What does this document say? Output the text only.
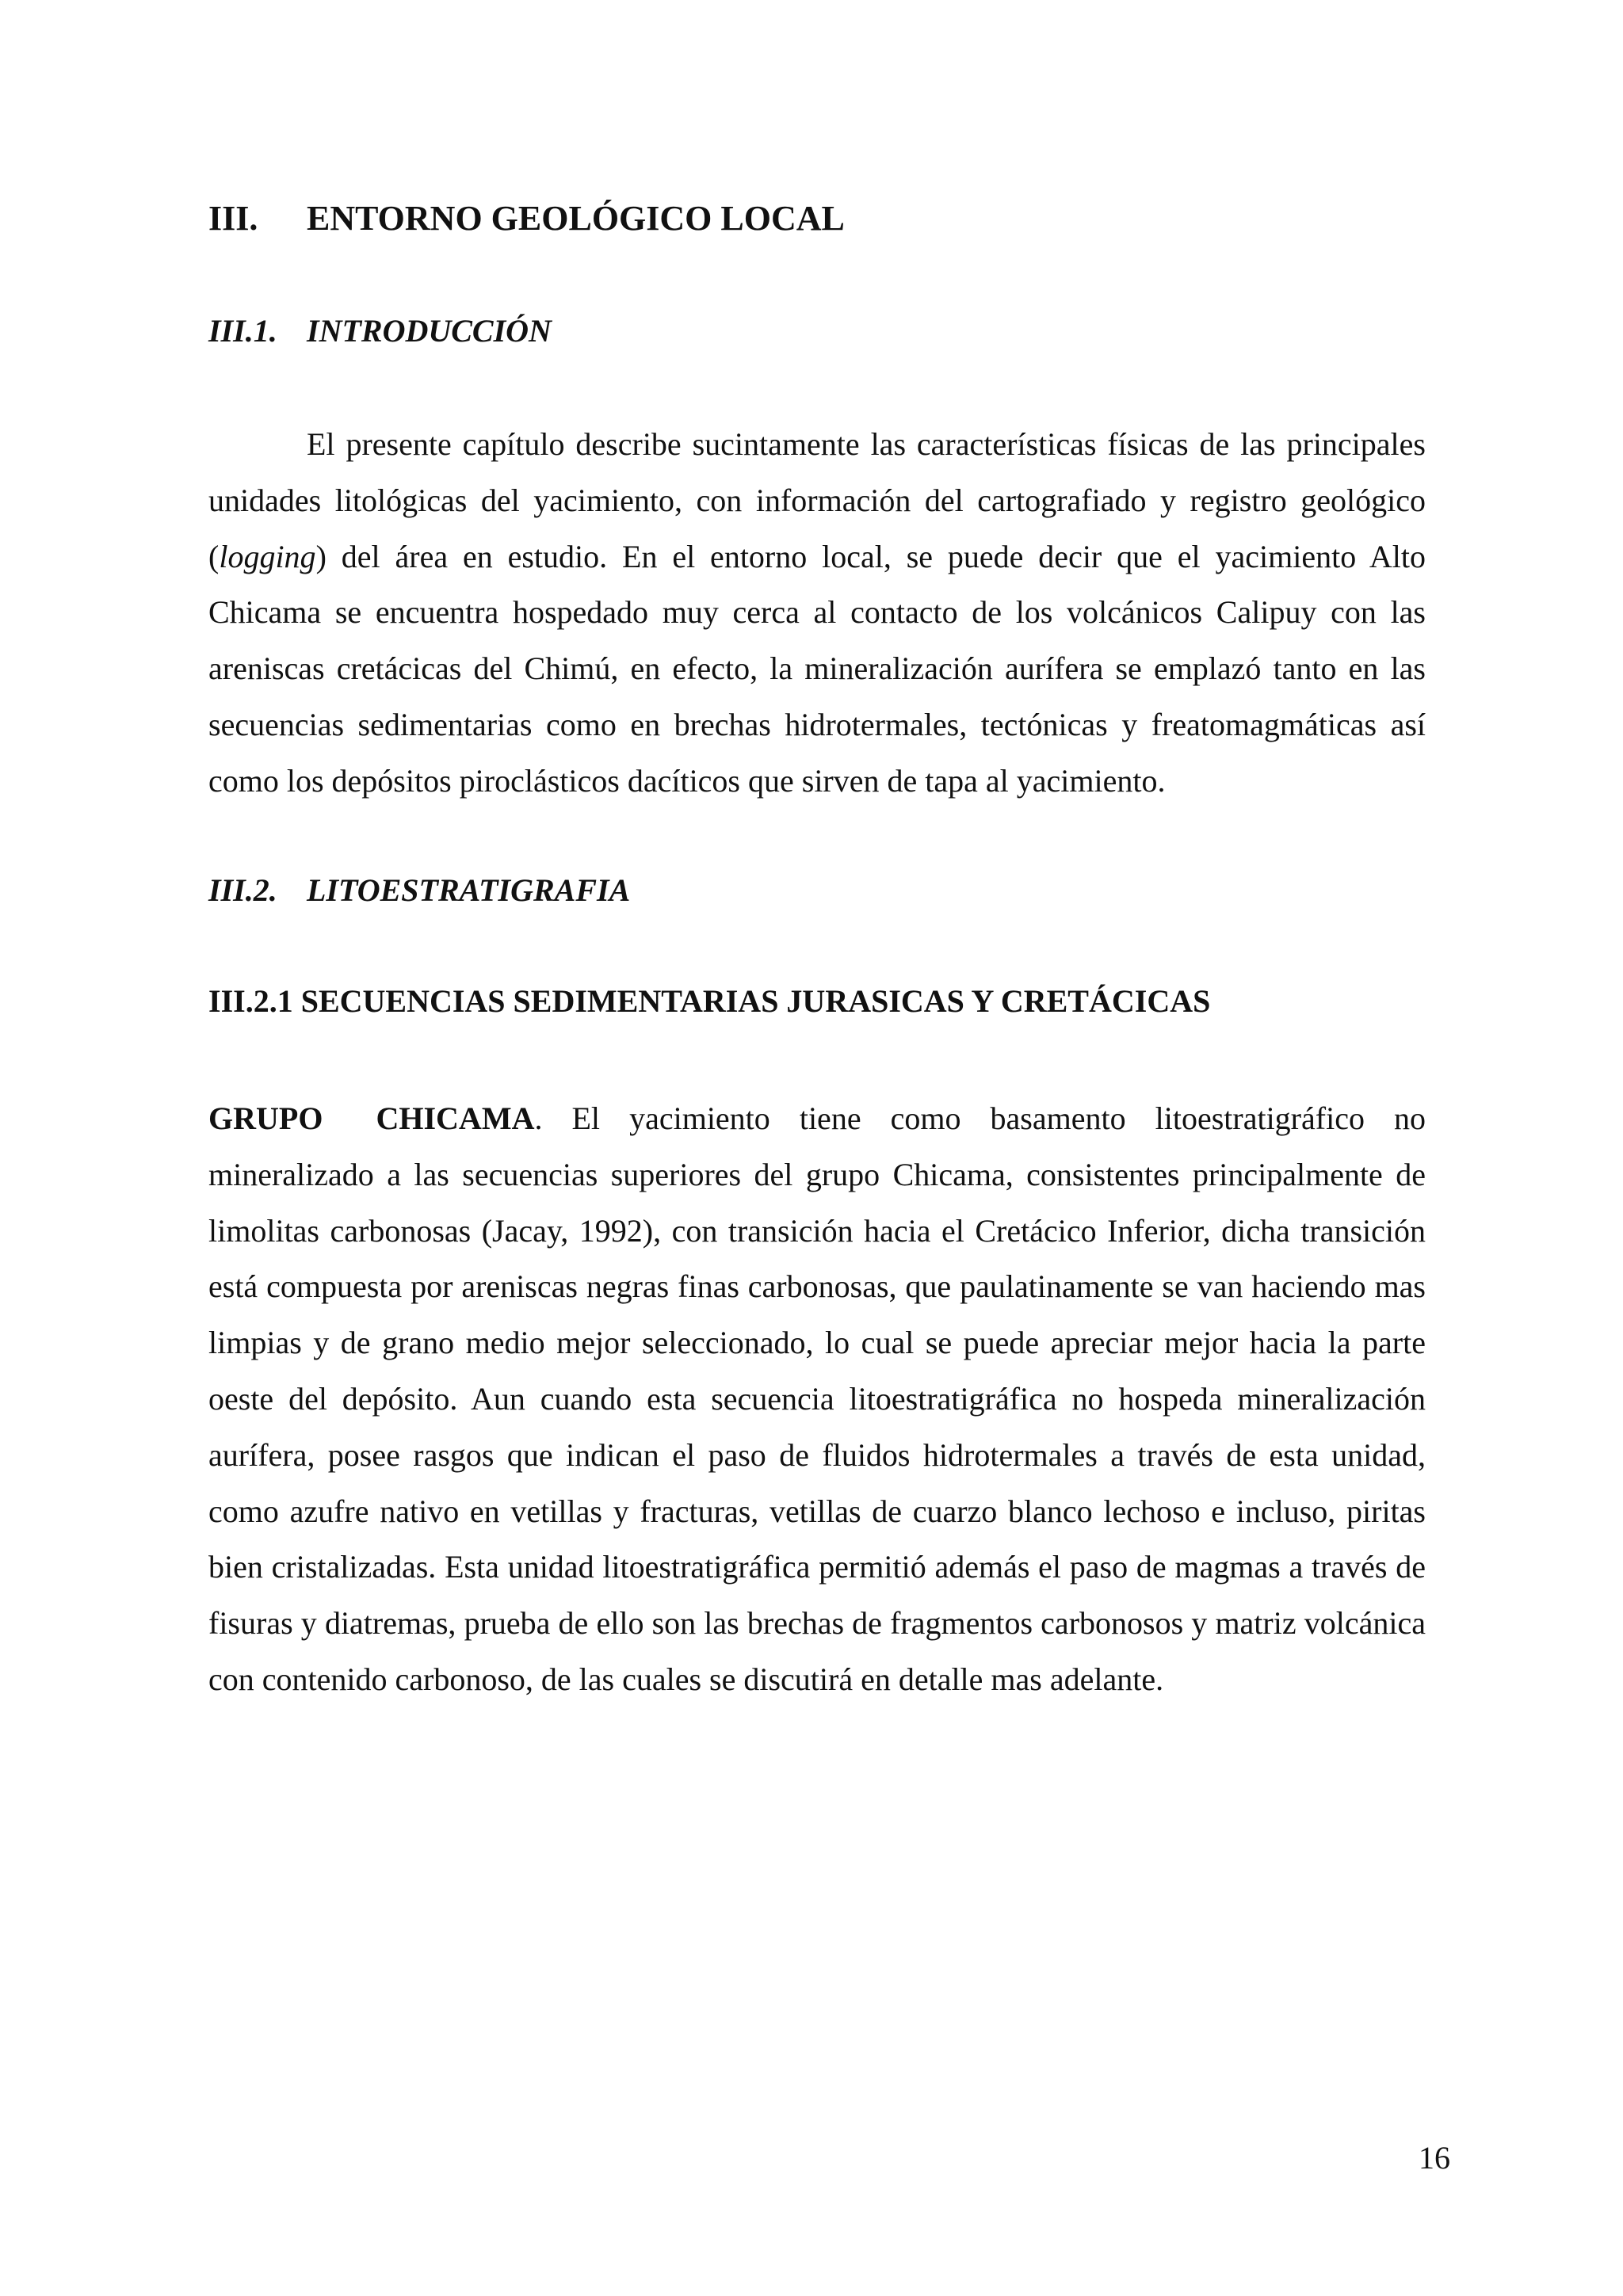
III. ENTORNO GEOLÓGICO LOCAL
III.1. INTRODUCCIÓN

El presente capítulo describe sucintamente las características físicas de las principales unidades litológicas del yacimiento, con información del cartografiado y registro geológico (logging) del área en estudio. En el entorno local, se puede decir que el yacimiento Alto Chicama se encuentra hospedado muy cerca al contacto de los volcánicos Calipuy con las areniscas cretácicas del Chimú, en efecto, la mineralización aurífera se emplazó tanto en las secuencias sedimentarias como en brechas hidrotermales, tectónicas y freatomagmáticas así como los depósitos piroclásticos dacíticos que sirven de tapa al yacimiento.

III.2. LITOESTRATIGRAFIA
III.2.1 SECUENCIAS SEDIMENTARIAS JURASICAS Y CRETÁCICAS

GRUPO CHICAMA. El yacimiento tiene como basamento litoestratigráfico no mineralizado a las secuencias superiores del grupo Chicama, consistentes principalmente de limolitas carbonosas (Jacay, 1992), con transición hacia el Cretácico Inferior, dicha transición está compuesta por areniscas negras finas carbonosas, que paulatinamente se van haciendo mas limpias y de grano medio mejor seleccionado, lo cual se puede apreciar mejor hacia la parte oeste del depósito. Aun cuando esta secuencia litoestratigráfica no hospeda mineralización aurífera, posee rasgos que indican el paso de fluidos hidrotermales a través de esta unidad, como azufre nativo en vetillas y fracturas, vetillas de cuarzo blanco lechoso e incluso, piritas bien cristalizadas. Esta unidad litoestratigráfica permitió además el paso de magmas a través de fisuras y diatremas, prueba de ello son las brechas de fragmentos carbonosos y matriz volcánica con contenido carbonoso, de las cuales se discutirá en detalle mas adelante.

16
